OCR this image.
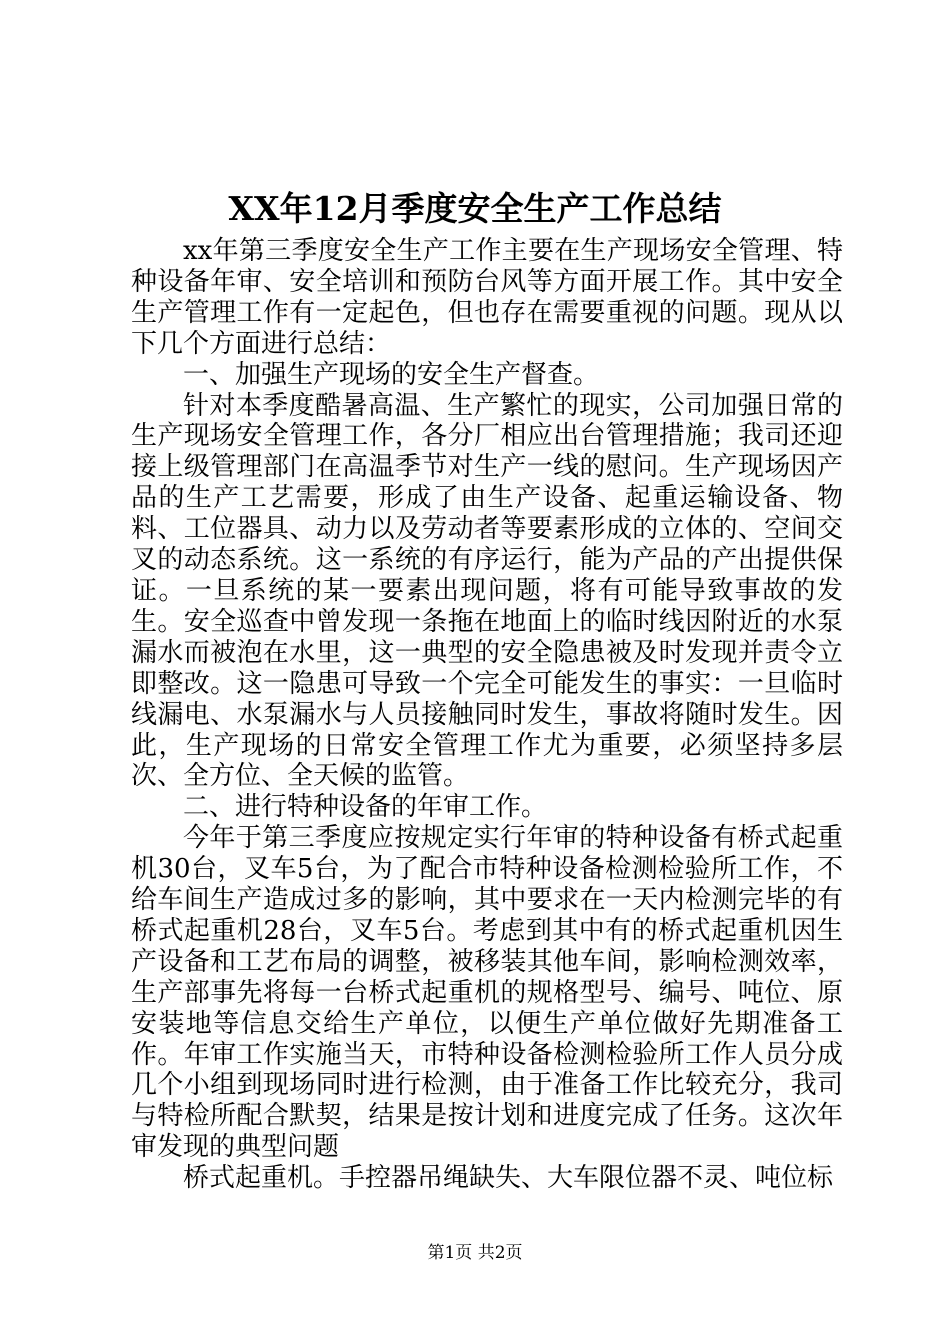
XX年12月季度安全生产工作总结

xx年第三季度安全生产工作主要在生产现场安全管理、特种设备年审、安全培训和预防台风等方面开展工作。其中安全生产管理工作有一定起色，但也存在需要重视的问题。现从以下几个方面进行总结：

一、加强生产现场的安全生产督查。

针对本季度酷暑高温、生产繁忙的现实，公司加强日常的生产现场安全管理工作，各分厂相应出台管理措施；我司还迎接上级管理部门在高温季节对生产一线的慰问。生产现场因产品的生产工艺需要，形成了由生产设备、起重运输设备、物料、工位器具、动力以及劳动者等要素形成的立体的、空间交叉的动态系统。这一系统的有序运行，能为产品的产出提供保证。一旦系统的某一要素出现问题，将有可能导致事故的发生。安全巡查中曾发现一条拖在地面上的临时线因附近的水泵漏水而被泡在水里，这一典型的安全隐患被及时发现并责令立即整改。这一隐患可导致一个完全可能发生的事实：一旦临时线漏电、水泵漏水与人员接触同时发生，事故将随时发生。因此，生产现场的日常安全管理工作尤为重要，必须坚持多层次、全方位、全天候的监管。

二、进行特种设备的年审工作。

今年于第三季度应按规定实行年审的特种设备有桥式起重机30台，叉车5台，为了配合市特种设备检测检验所工作，不给车间生产造成过多的影响，其中要求在一天内检测完毕的有桥式起重机28台，叉车5台。考虑到其中有的桥式起重机因生产设备和工艺布局的调整，被移装其他车间，影响检测效率，生产部事先将每一台桥式起重机的规格型号、编号、吨位、原安装地等信息交给生产单位，以便生产单位做好先期准备工作。年审工作实施当天，市特种设备检测检验所工作人员分成几个小组到现场同时进行检测，由于准备工作比较充分，我司与特检所配合默契，结果是按计划和进度完成了任务。这次年审发现的典型问题

桥式起重机。手控器吊绳缺失、大车限位器不灵、吨位标

第1页 共2页
